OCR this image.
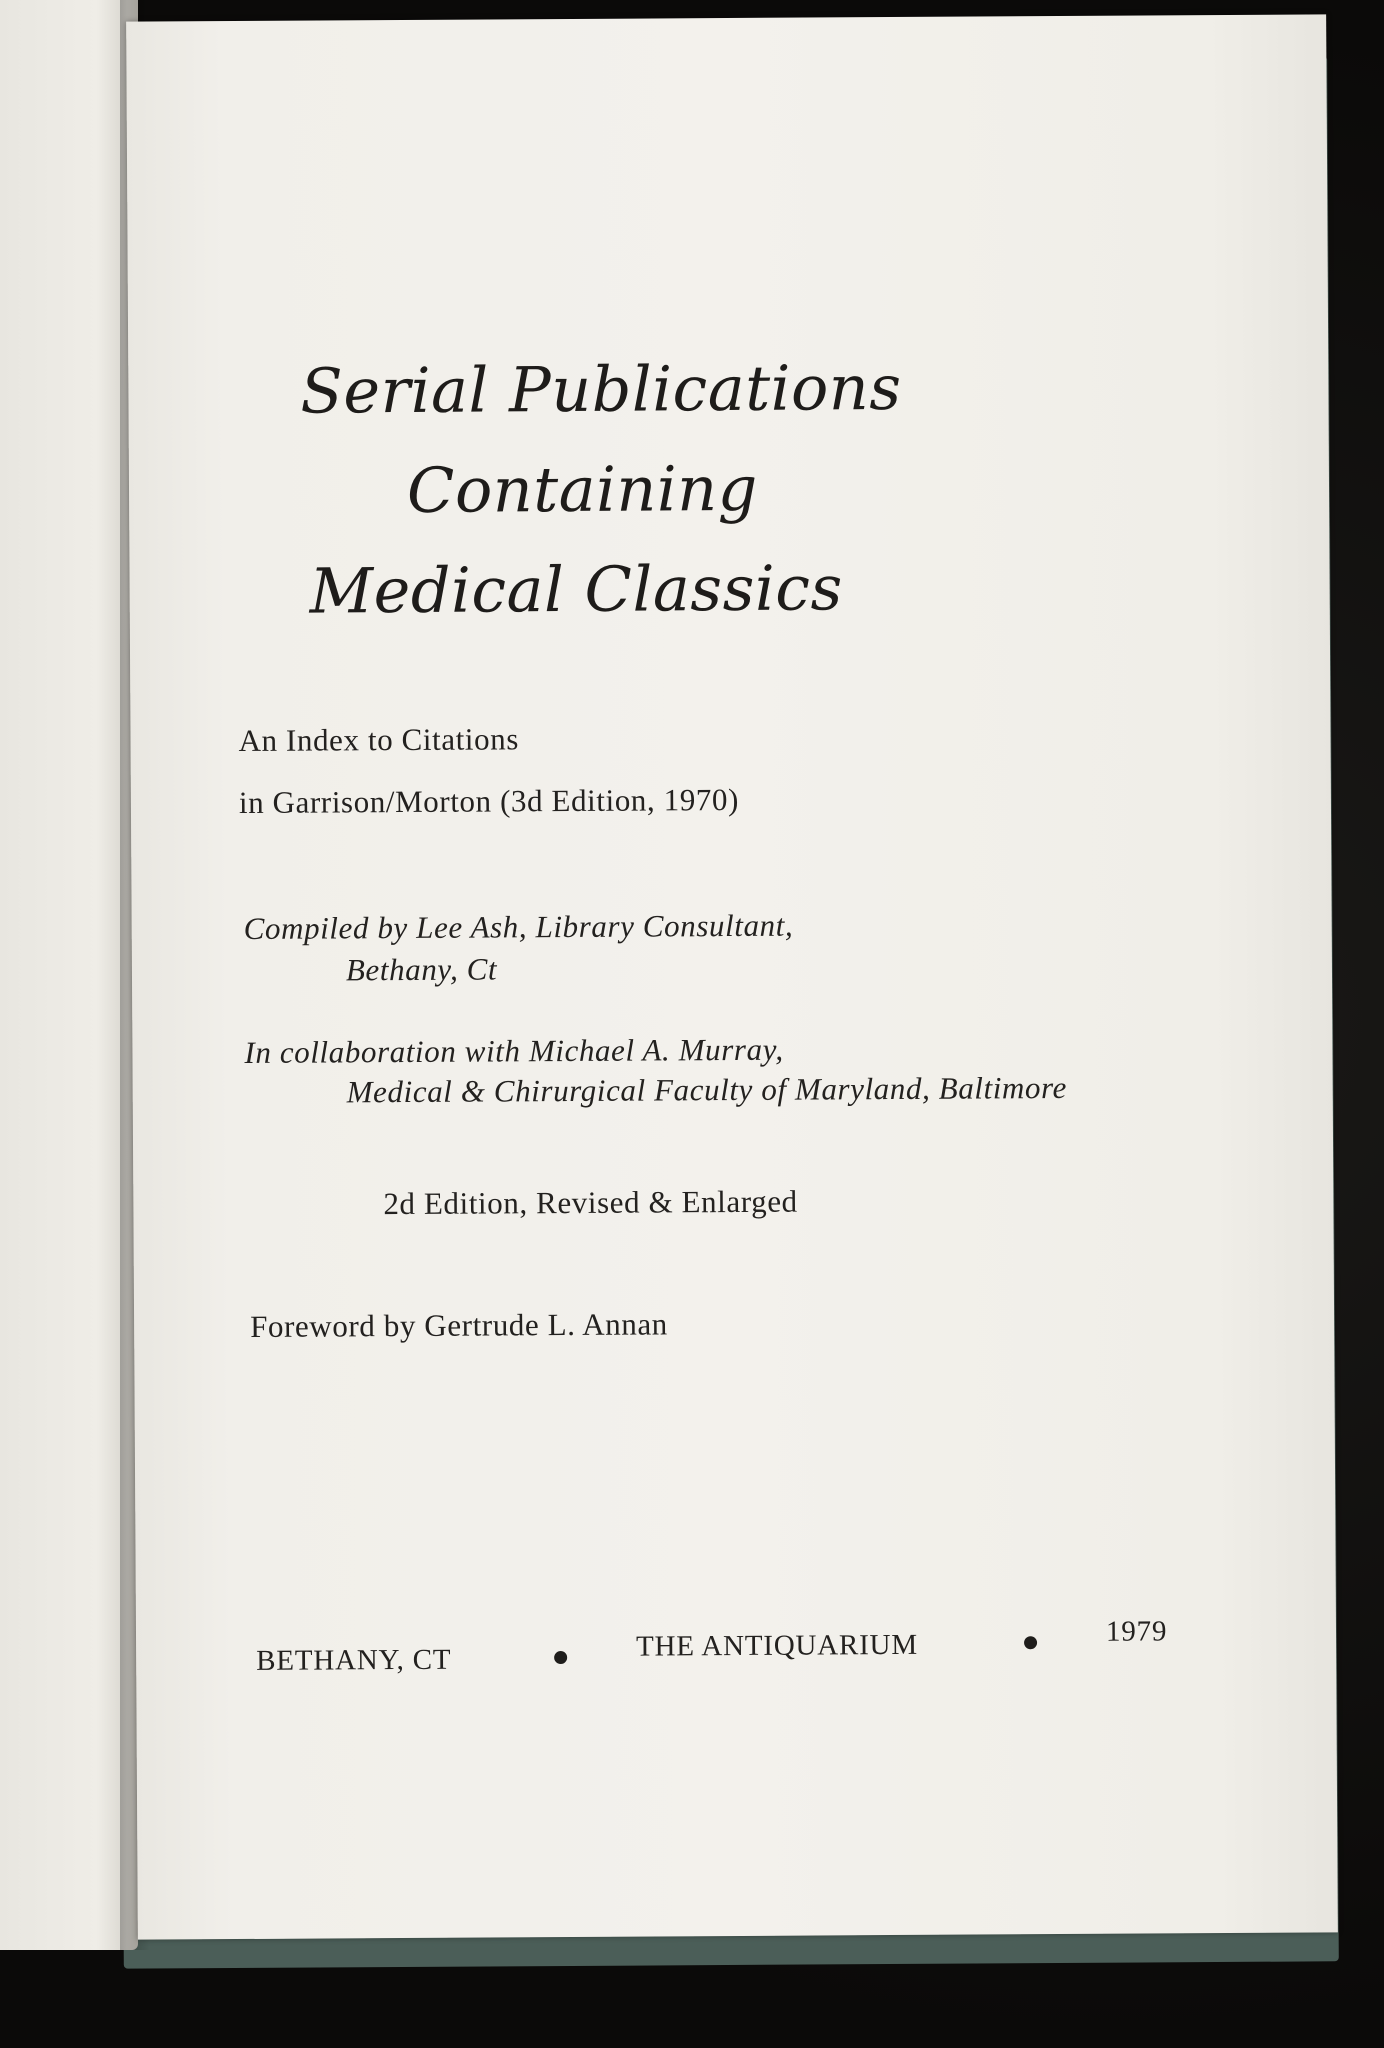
Serial Publications
Containing
Medical Classics
An Index to Citations
in Garrison/Morton (3d Edition, 1970)
Compiled by Lee Ash, Library Consultant,
Bethany, Ct
In collaboration with Michael A. Murray,
Medical & Chirurgical Faculty of Maryland, Baltimore
2d Edition, Revised & Enlarged
Foreword by Gertrude L. Annan
BETHANY, CT	THE ANTIQUARIUM	1979
